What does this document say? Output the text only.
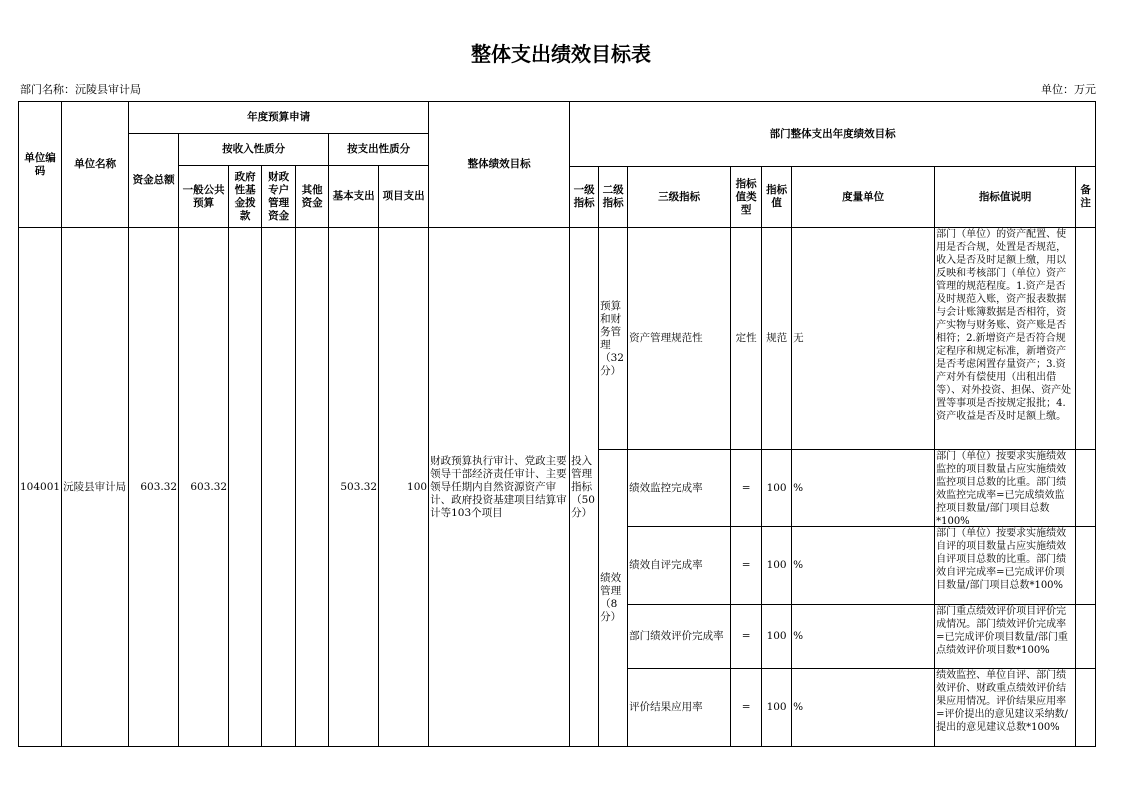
整体支出绩效目标表
部门名称：沅陵县审计局	单位：万元
单位编码	单位名称	年度预算申请							整体绩效目标	部门整体支出年度绩效目标							
		资金总额	按收入性质分				按支出性质分										
			一般公共预算	政府性基金拨款	财政专户管理资金	其他资金	基本支出	项目支出									
										一级指标	二级指标	三级指标	指标值类型	指标值	度量单位	指标值说明	备注
104001	沅陵县审计局	603.32	603.32				503.32	100	财政预算执行审计、党政主要领导干部经济责任审计、主要领导任期内自然资源资产审计、政府投资基建项目结算审计等103个项目	投入管理指标（50分）	预算和财务管理（32分）	资产管理规范性	定性	规范	无	部门（单位）的资产配置、使用是否合规，处置是否规范，收入是否及时足额上缴，用以反映和考核部门（单位）资产管理的规范程度。1.资产是否及时规范入账，资产报表数据与会计账簿数据是否相符，资产实物与财务账、资产账是否相符；2.新增资产是否符合规定程序和规定标准，新增资产是否考虑闲置存量资产；3.资产对外有偿使用（出租出借等）、对外投资、担保、资产处置等事项是否按规定报批；4.资产收益是否及时足额上缴。	

											绩效管理（8分）	绩效监控完成率	=	100	%	部门（单位）按要求实施绩效监控的项目数量占应实施绩效监控项目总数的比重。部门绩效监控完成率=已完成绩效监控项目数量/部门项目总数*100%	

												绩效自评完成率	=	100	%	部门（单位）按要求实施绩效自评的项目数量占应实施绩效自评项目总数的比重。部门绩效自评完成率=已完成评价项目数量/部门项目总数*100%	

												部门绩效评价完成率	=	100	%	部门重点绩效评价项目评价完成情况。部门绩效评价完成率=已完成评价项目数量/部门重点绩效评价项目数*100%	

												评价结果应用率	=	100	%	绩效监控、单位自评、部门绩效评价、财政重点绩效评价结果应用情况。评价结果应用率=评价提出的意见建议采纳数/提出的意见建议总数*100%	
